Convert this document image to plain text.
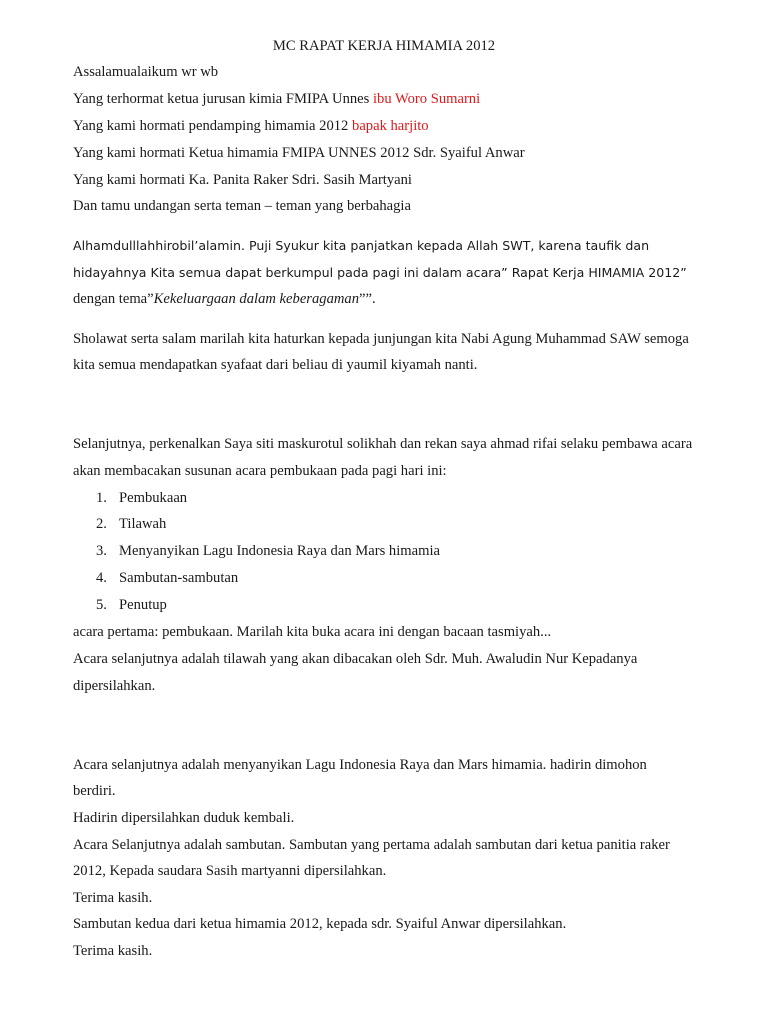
MC RAPAT KERJA HIMAMIA 2012
Assalamualaikum wr wb
Yang terhormat ketua jurusan kimia FMIPA Unnes ibu Woro Sumarni
Yang kami hormati pendamping himamia 2012 bapak harjito
Yang kami hormati Ketua himamia FMIPA UNNES 2012 Sdr. Syaiful Anwar
Yang kami hormati Ka. Panita Raker Sdri. Sasih Martyani
Dan tamu undangan serta teman – teman yang berbahagia
Alhamdulllahhirobil’alamin. Puji Syukur kita panjatkan kepada Allah SWT, karena taufik dan
hidayahnya Kita semua dapat berkumpul pada pagi ini dalam acara” Rapat Kerja HIMAMIA 2012”
dengan tema”Kekeluargaan dalam keberagaman””.
Sholawat serta salam marilah kita haturkan kepada junjungan kita Nabi Agung Muhammad SAW semoga
kita semua mendapatkan syafaat dari beliau di yaumil kiyamah nanti.
Selanjutnya, perkenalkan Saya siti maskurotul solikhah dan rekan saya ahmad rifai selaku pembawa acara
akan membacakan susunan acara pembukaan pada pagi hari ini:
1. Pembukaan
2. Tilawah
3. Menyanyikan Lagu Indonesia Raya dan Mars himamia
4. Sambutan-sambutan
5. Penutup
acara pertama: pembukaan. Marilah kita buka acara ini dengan bacaan tasmiyah...
Acara selanjutnya adalah tilawah yang akan dibacakan oleh Sdr. Muh. Awaludin Nur Kepadanya
dipersilahkan.
Acara selanjutnya adalah menyanyikan Lagu Indonesia Raya dan Mars himamia. hadirin dimohon
berdiri.
Hadirin dipersilahkan duduk kembali.
Acara Selanjutnya adalah sambutan. Sambutan yang pertama adalah sambutan dari ketua panitia raker
2012, Kepada saudara Sasih martyanni dipersilahkan.
Terima kasih.
Sambutan kedua dari ketua himamia 2012, kepada sdr. Syaiful Anwar dipersilahkan.
Terima kasih.
